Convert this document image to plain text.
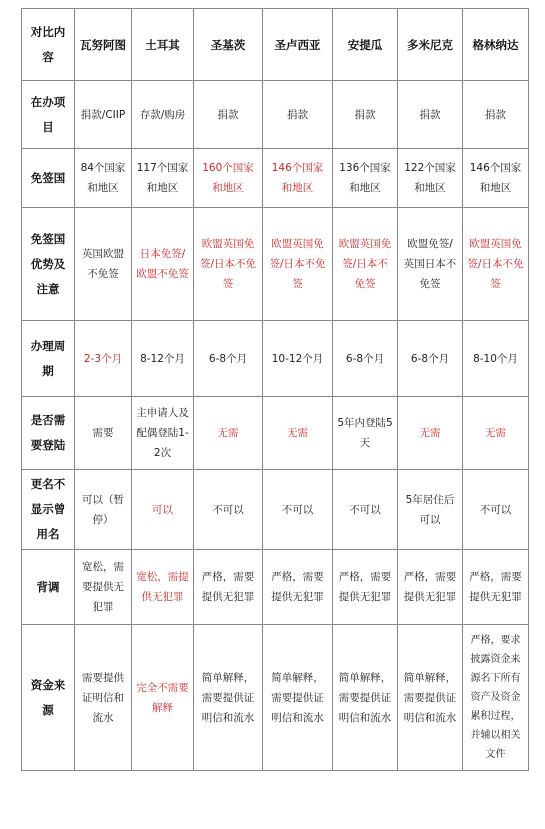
对比内容	瓦努阿图	土耳其	圣基茨	圣卢西亚	安提瓜	多米尼克	格林纳达
在办项目	捐款/CIIP	存款/购房	捐款	捐款	捐款	捐款	捐款
免签国	84个国家和地区	117个国家和地区	160个国家和地区	146个国家和地区	136个国家和地区	122个国家和地区	146个国家和地区
免签国优势及注意	英国欧盟不免签	日本免签/欧盟不免签	欧盟英国免签/日本不免签	欧盟英国免签/日本不免签	欧盟英国免签/日本不免签	欧盟免签/英国日本不免签	欧盟英国免签/日本不免签
办理周期	2-3个月	8-12个月	6-8个月	10-12个月	6-8个月	6-8个月	8-10个月
是否需要登陆	需要	主申请人及配偶登陆1-2次	无需	无需	5年内登陆5天	无需	无需
更名不显示曾用名	可以（暂停）	可以	不可以	不可以	不可以	5年居住后可以	不可以
背调	宽松，需要提供无犯罪	宽松，需提供无犯罪	严格，需要提供无犯罪	严格，需要提供无犯罪	严格，需要提供无犯罪	严格，需要提供无犯罪	严格，需要提供无犯罪
资金来源	需要提供证明信和流水	完全不需要解释	简单解释，需要提供证明信和流水	简单解释，需要提供证明信和流水	简单解释，需要提供证明信和流水	简单解释，需要提供证明信和流水	严格，要求披露资金来源名下所有资产及资金累积过程，并辅以相关文件
